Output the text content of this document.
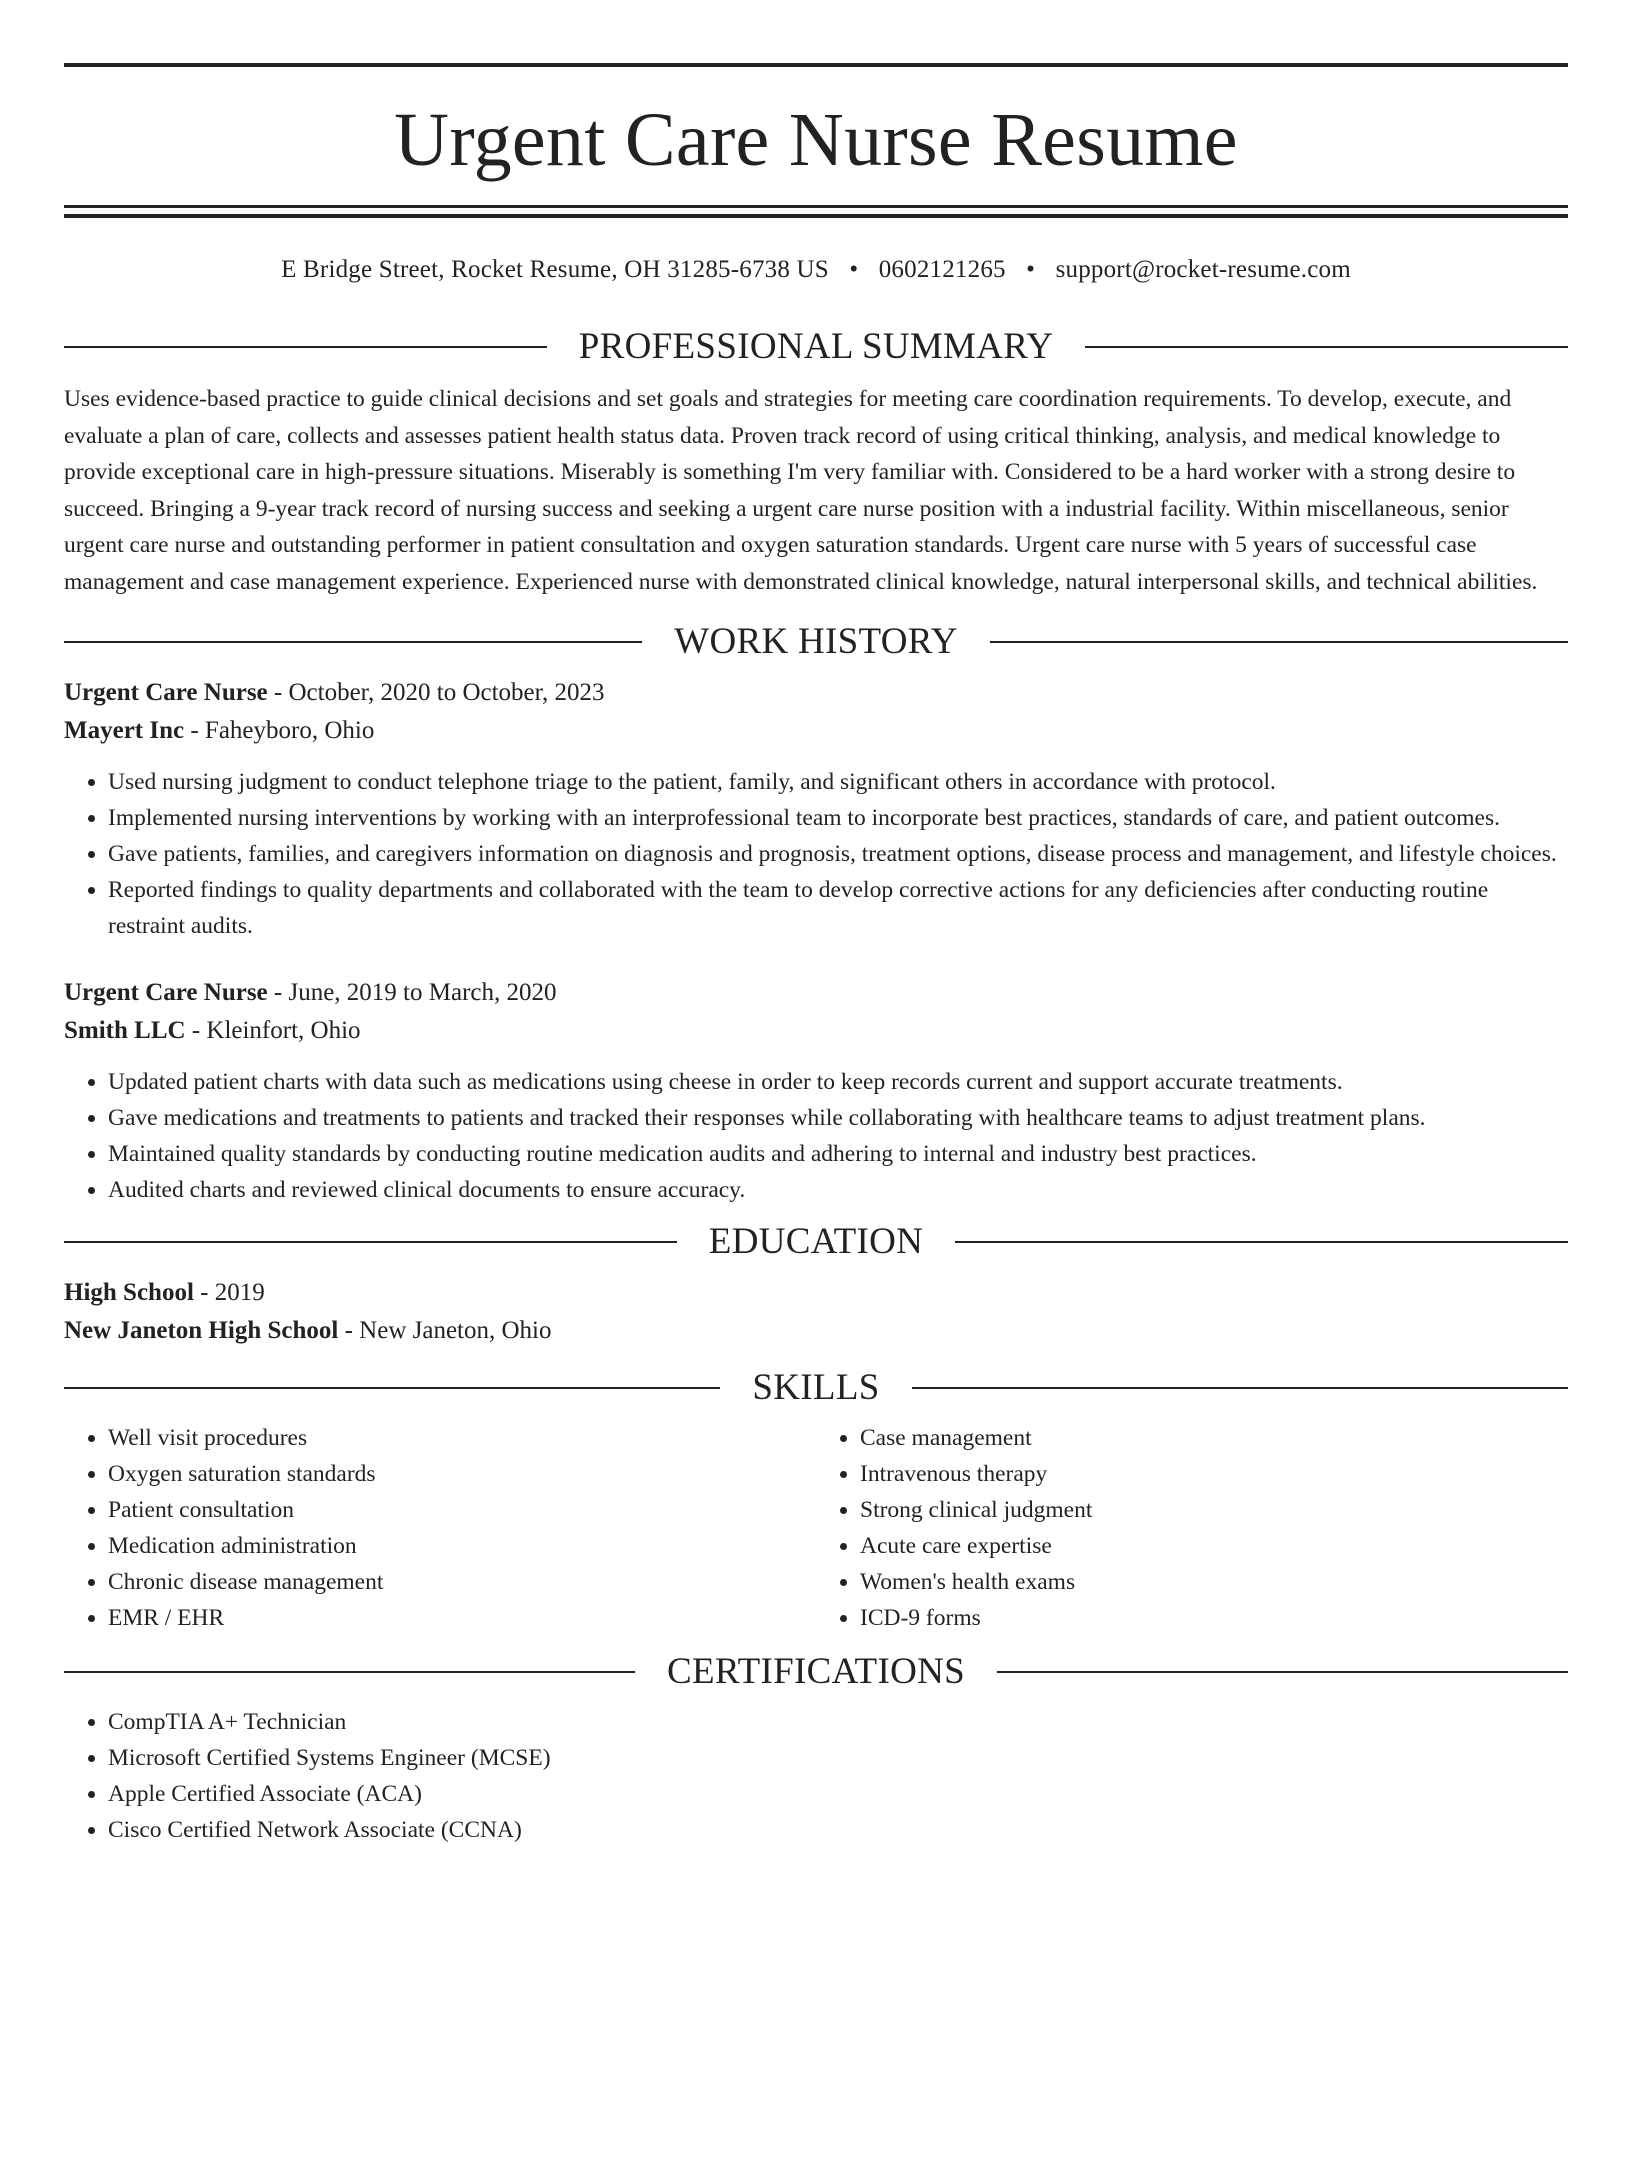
Urgent Care Nurse Resume
E Bridge Street, Rocket Resume, OH 31285-6738 US • 0602121265 • support@rocket-resume.com
PROFESSIONAL SUMMARY

Uses evidence-based practice to guide clinical decisions and set goals and strategies for meeting care coordination requirements. To develop, execute, and evaluate a plan of care, collects and assesses patient health status data. Proven track record of using critical thinking, analysis, and medical knowledge to provide exceptional care in high-pressure situations. Miserably is something I'm very familiar with. Considered to be a hard worker with a strong desire to succeed. Bringing a 9-year track record of nursing success and seeking a urgent care nurse position with a industrial facility. Within miscellaneous, senior urgent care nurse and outstanding performer in patient consultation and oxygen saturation standards. Urgent care nurse with 5 years of successful case management and case management experience. Experienced nurse with demonstrated clinical knowledge, natural interpersonal skills, and technical abilities.

WORK HISTORY
Urgent Care Nurse - October, 2020 to October, 2023
Mayert Inc - Faheyboro, Ohio
• Used nursing judgment to conduct telephone triage to the patient, family, and significant others in accordance with protocol.
• Implemented nursing interventions by working with an interprofessional team to incorporate best practices, standards of care, and patient outcomes.
• Gave patients, families, and caregivers information on diagnosis and prognosis, treatment options, disease process and management, and lifestyle choices.
• Reported findings to quality departments and collaborated with the team to develop corrective actions for any deficiencies after conducting routine restraint audits.
Urgent Care Nurse - June, 2019 to March, 2020
Smith LLC - Kleinfort, Ohio
• Updated patient charts with data such as medications using cheese in order to keep records current and support accurate treatments.
• Gave medications and treatments to patients and tracked their responses while collaborating with healthcare teams to adjust treatment plans.
• Maintained quality standards by conducting routine medication audits and adhering to internal and industry best practices.
• Audited charts and reviewed clinical documents to ensure accuracy.
EDUCATION
High School - 2019
New Janeton High School - New Janeton, Ohio
SKILLS
• Well visit procedures
• Oxygen saturation standards
• Patient consultation
• Medication administration
• Chronic disease management
• EMR / EHR
• Case management
• Intravenous therapy
• Strong clinical judgment
• Acute care expertise
• Women's health exams
• ICD-9 forms
CERTIFICATIONS
• CompTIA A+ Technician
• Microsoft Certified Systems Engineer (MCSE)
• Apple Certified Associate (ACA)
• Cisco Certified Network Associate (CCNA)
